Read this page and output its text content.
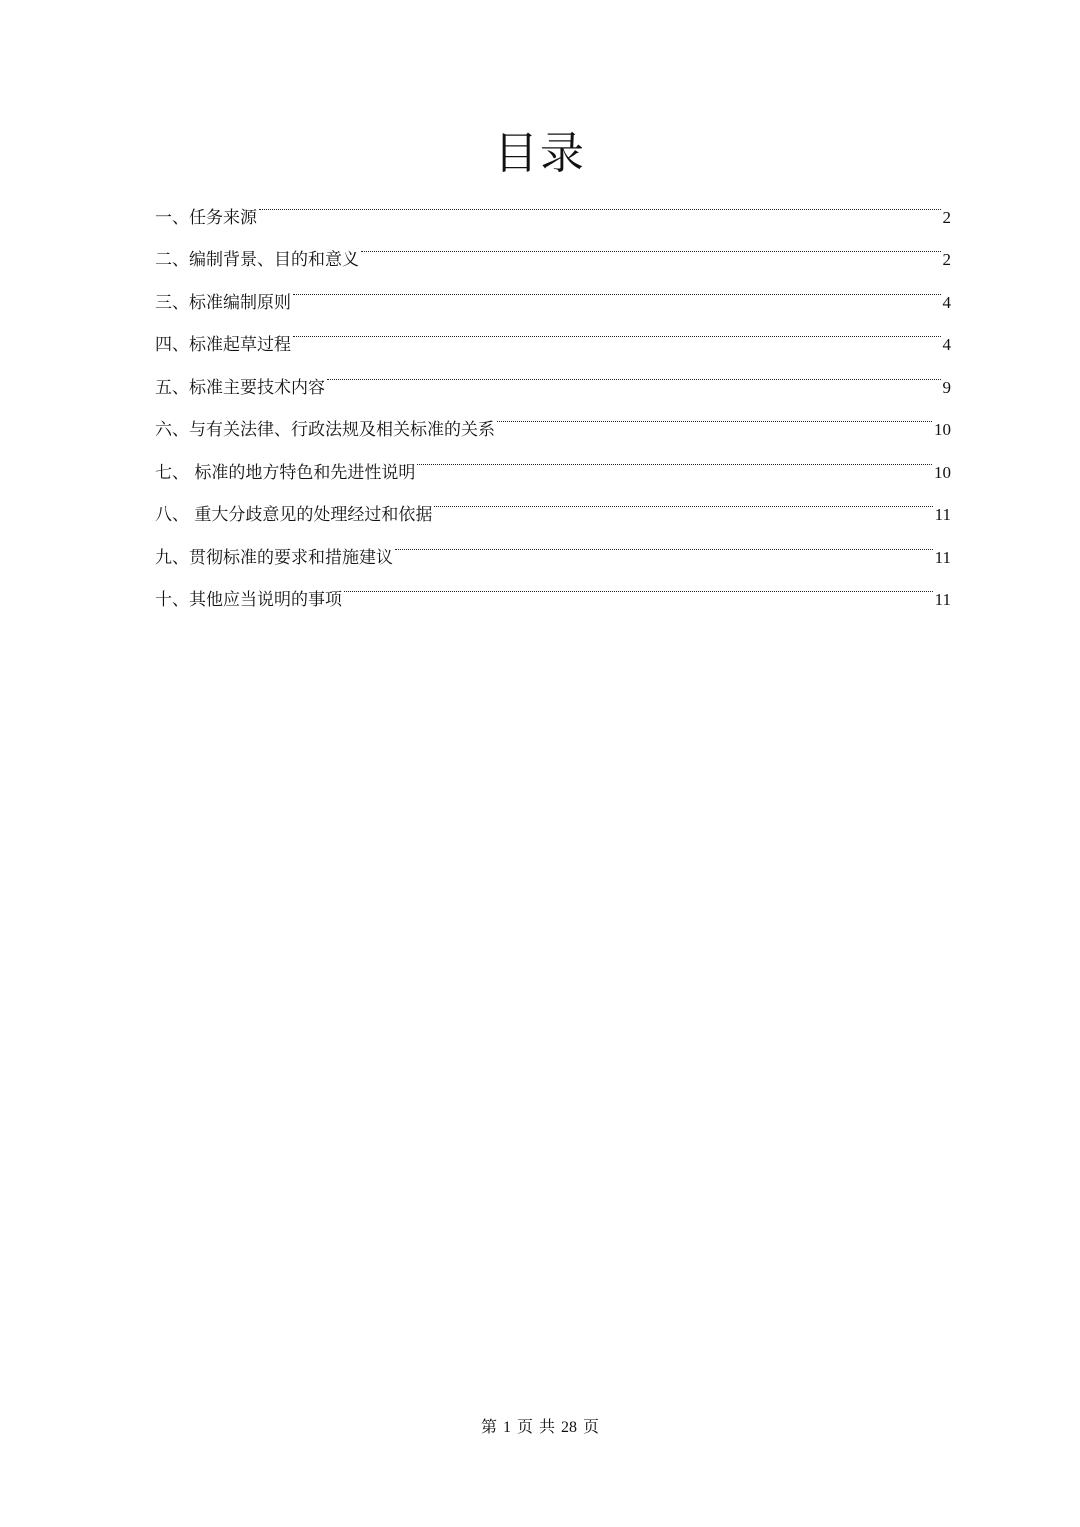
目录
一、 任务来源	2
二、 编制背景、目的和意义	2
三、 标准编制原则	4
四、 标准起草过程	4
五、 标准主要技术内容	9
六、 与有关法律、行政法规及相关标准的关系	10
七、 标准的地方特色和先进性说明	10
八、 重大分歧意见的处理经过和依据	11
九、 贯彻标准的要求和措施建议	11
十、 其他应当说明的事项	11
第 1 页 共 28 页
